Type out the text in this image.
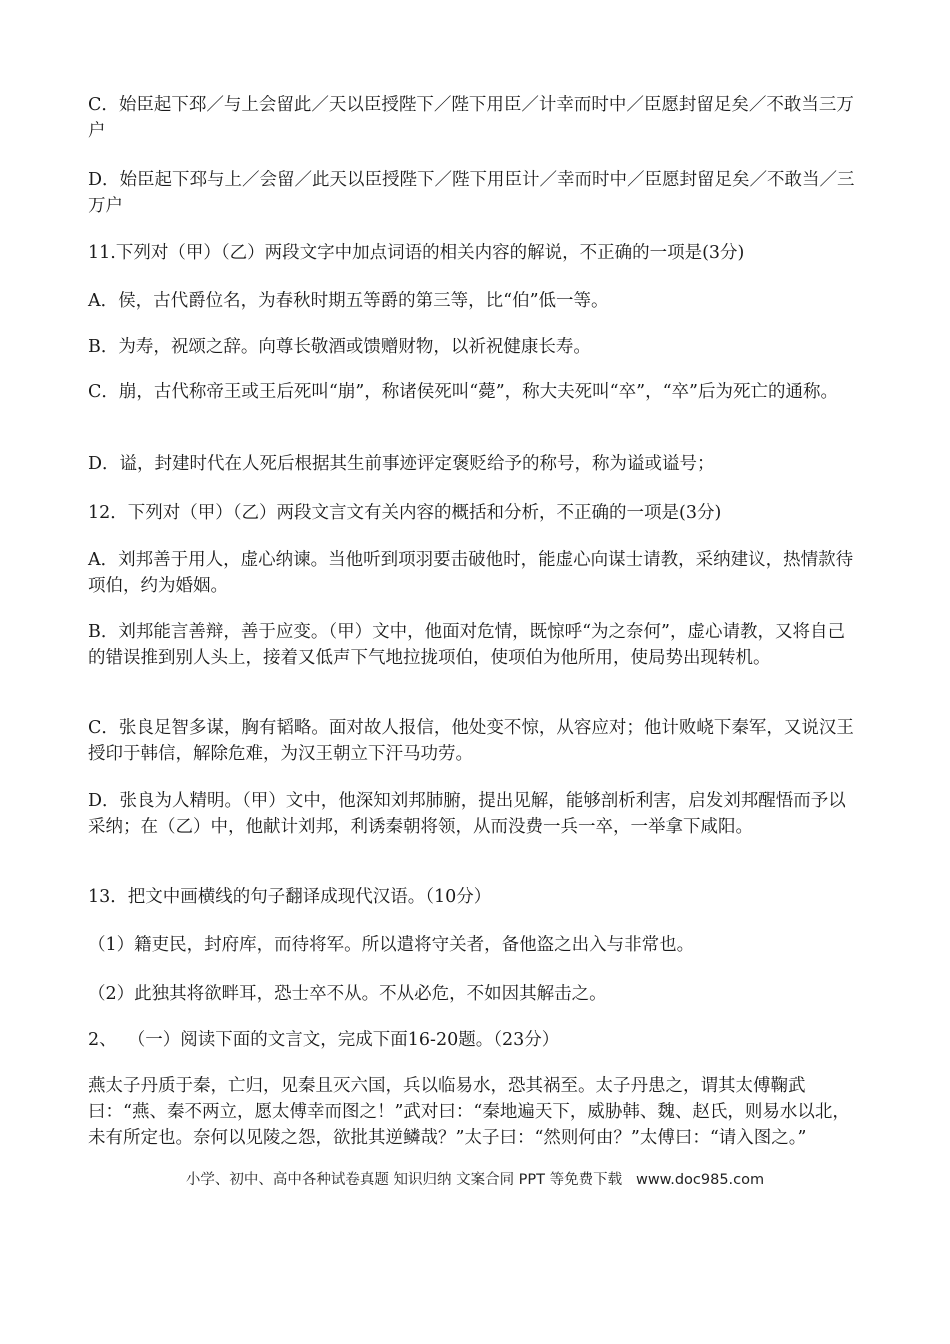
C．始臣起下邳／与上会留此／天以臣授陛下／陛下用臣／计幸而时中／臣愿封留足矣／不敢当三万户

D．始臣起下邳与上／会留／此天以臣授陛下／陛下用臣计／幸而时中／臣愿封留足矣／不敢当／三万户

11.下列对（甲）（乙）两段文字中加点词语的相关内容的解说，不正确的一项是(3分)

A．侯，古代爵位名，为春秋时期五等爵的第三等，比“伯”低一等。

B．为寿，祝颂之辞。向尊长敬酒或馈赠财物，以祈祝健康长寿。

C．崩，古代称帝王或王后死叫“崩”，称诸侯死叫“薨”，称大夫死叫“卒”，“卒”后为死亡的通称。

D．谥，封建时代在人死后根据其生前事迹评定褒贬给予的称号，称为谥或谥号；

12．下列对（甲）（乙）两段文言文有关内容的概括和分析，不正确的一项是(3分)

A．刘邦善于用人，虚心纳谏。当他听到项羽要击破他时，能虚心向谋士请教，采纳建议，热情款待项伯，约为婚姻。

B．刘邦能言善辩，善于应变。（甲）文中，他面对危情，既惊呼“为之奈何”，虚心请教，又将自己的错误推到别人头上，接着又低声下气地拉拢项伯，使项伯为他所用，使局势出现转机。

C．张良足智多谋，胸有韬略。面对故人报信，他处变不惊，从容应对；他计败峣下秦军，又说汉王授印于韩信，解除危难，为汉王朝立下汗马功劳。

D．张良为人精明。（甲）文中，他深知刘邦肺腑，提出见解，能够剖析利害，启发刘邦醒悟而予以采纳；在（乙）中，他献计刘邦，利诱秦朝将领，从而没费一兵一卒，一举拿下咸阳。

13．把文中画横线的句子翻译成现代汉语。（10分）

（1）籍吏民，封府库，而待将军。所以遣将守关者，备他盗之出入与非常也。

（2）此独其将欲畔耳，恐士卒不从。不从必危，不如因其解击之。

2、  （一）阅读下面的文言文，完成下面16-20题。（23分）

燕太子丹质于秦，亡归，见秦且灭六国，兵以临易水，恐其祸至。太子丹患之，谓其太傅鞠武曰：“燕、秦不两立，愿太傅幸而图之！”武对曰：“秦地遍天下，威胁韩、魏、赵氏，则易水以北，未有所定也。奈何以见陵之怨，欲批其逆鳞哉？”太子曰：“然则何由？”太傅曰：“请入图之。”

小学、初中、高中各种试卷真题 知识归纳 文案合同 PPT 等免费下载   www.doc985.com
